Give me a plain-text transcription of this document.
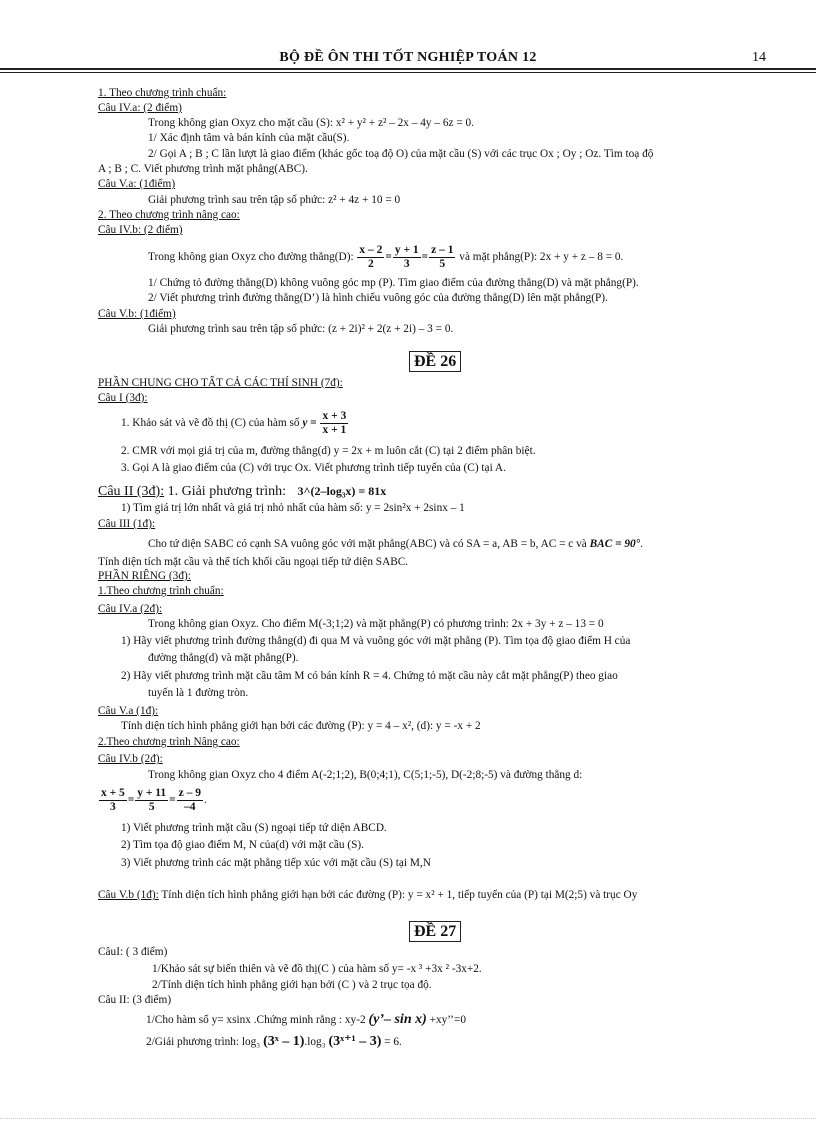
BỘ ĐỀ ÔN THI TỐT NGHIỆP TOÁN 12	14
1. Theo chương trình chuẩn:
Câu IV.a: (2 điểm)
Trong không gian Oxyz cho mặt cầu (S): x² + y² + z² – 2x – 4y – 6z = 0.
1/ Xác định tâm và bán kính của mặt cầu(S).
2/ Gọi A ; B ; C lần lượt là giao điểm (khác gốc toạ độ O) của mặt cầu (S) với các trục Ox ; Oy ; Oz. Tìm toạ độ
A ; B ; C. Viết phương trình mặt phẳng(ABC).
Câu V.a: (1điểm)
Giải phương trình sau trên tập số phức: z² + 4z + 10 = 0
2. Theo chương trình nâng cao:
Câu IV.b: (2 điểm)
Trong không gian Oxyz cho đường thẳng(D): $\frac{x - 2}{2} = \frac{y + 1}{3} = \frac{z - 1}{5}$ và mặt phẳng(P): 2x + y + z – 8 = 0.
1/ Chứng tỏ đường thẳng(D) không vuông góc mp (P). Tìm giao điểm của đường thẳng(D) và mặt phẳng(P).
2/ Viết phương trình đường thẳng(D’) là hình chiếu vuông góc của đường thẳng(D) lên mặt phẳng(P).
Câu V.b: (1điểm)
Giải phương trình sau trên tập số phức: (z + 2i)² + 2(z + 2i) – 3 = 0.
ĐỀ 26
PHẦN CHUNG CHO TẤT CẢ CÁC THÍ SINH (7đ):
Câu I (3đ):
1. Khảo sát và vẽ đồ thị (C) của hàm số $y = \frac{x + 3}{x + 1}$
2. CMR với mọi giá trị của m, đường thẳng(d) y = 2x + m luôn cắt (C) tại 2 điểm phân biệt.
3. Gọi A là giao điểm của (C) với trục Ox. Viết phương trình tiếp tuyến của (C) tại A.
Câu II (3đ): 1. Giải phương trình: 3^(2–log₃x) = 81x
1) Tìm giá trị lớn nhất và giá trị nhỏ nhất của hàm số: y = 2sin²x + 2sinx – 1
Câu III (1đ):
Cho tứ diện SABC có cạnh SA vuông góc với mặt phẳng(ABC) và có SA = a, AB = b, AC = c và BAC = 90°.
Tính diện tích mặt cầu và thể tích khối cầu ngoại tiếp tứ diện SABC.
PHẦN RIÊNG (3đ):
1.Theo chương trình chuẩn:
Câu IV.a (2đ):
Trong không gian Oxyz. Cho điểm M(-3;1;2) và mặt phẳng(P) có phương trình: 2x + 3y + z – 13 = 0
1) Hãy viết phương trình đường thẳng(d) đi qua M và vuông góc với mặt phẳng (P). Tìm tọa độ giao điểm H của
đường thẳng(d) và mặt phẳng(P).
2) Hãy viết phương trình mặt cầu tâm M có bán kính R = 4. Chứng tỏ mặt cầu này cắt mặt phẳng(P) theo giao
tuyến là 1 đường tròn.
Câu V.a (1đ):
Tính diện tích hình phẳng giới hạn bởi các đường (P): y = 4 – x², (d): y = -x + 2
2.Theo chương trình Nâng cao:
Câu IV.b (2đ):
Trong không gian Oxyz cho 4 điểm A(-2;1;2), B(0;4;1), C(5;1;-5), D(-2;8;-5) và đường thẳng d:
$\frac{x + 5}{3} = \frac{y + 11}{5} = \frac{z - 9}{-4}$ .
1) Viết phương trình mặt cầu (S) ngoại tiếp tứ diện ABCD.
2) Tìm tọa độ giao điểm M, N của(d) với mặt cầu (S).
3) Viết phương trình các mặt phẳng tiếp xúc với mặt cầu (S) tại M,N
Câu V.b (1đ): Tính diện tích hình phẳng giới hạn bởi các đường (P): y = x² + 1, tiếp tuyến của (P) tại M(2;5) và trục Oy
ĐỀ 27
CâuI: ( 3 điểm)
1/Khảo sát sự biến thiên và vẽ đồ thị(C ) của hàm số y= -x ³ +3x ² -3x+2.
2/Tính diện tích hình phẳng giới hạn bởi (C ) và 2 trục tọa độ.
Câu II: (3 điểm)
1/Cho hàm số y= xsinx .Chứng minh rằng : xy-2 (y’– sin x) +xy’’=0
2/Giải phương trình: log₃ (3ˣ – 1).log₃ (3ˣ⁺¹ – 3) = 6.
